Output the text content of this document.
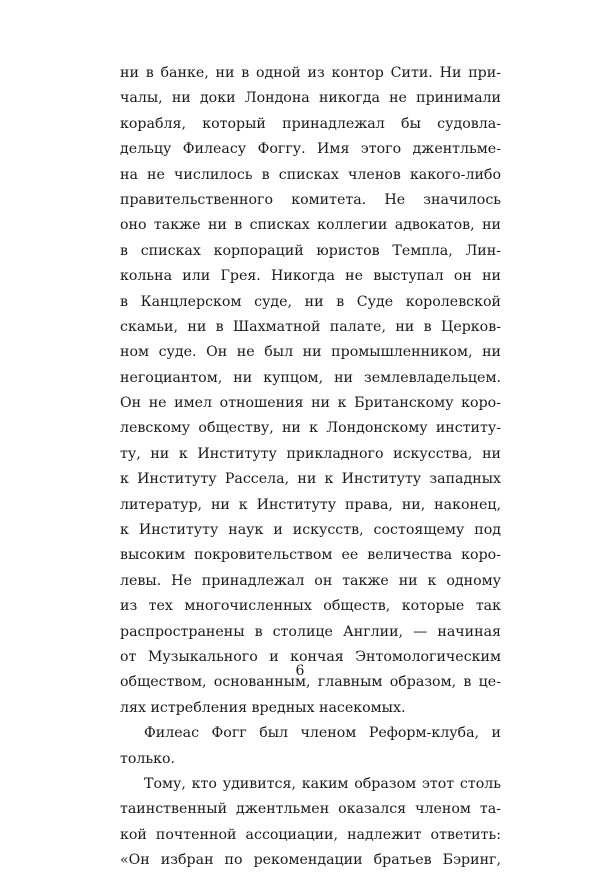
ни в банке, ни в одной из контор Сити. Ни при-
чалы, ни доки Лондона никогда не принимали
корабля, который принадлежал бы судовла-
дельцу Филеасу Фоггу. Имя этого джентльме-
на не числилось в списках членов какого-либо
правительственного комитета. Не значилось
оно также ни в списках коллегии адвокатов, ни
в списках корпораций юристов Темпла, Лин-
кольна или Грея. Никогда не выступал он ни
в Канцлерском суде, ни в Суде королевской
скамьи, ни в Шахматной палате, ни в Церков-
ном суде. Он не был ни промышленником, ни
негоциантом, ни купцом, ни землевладельцем.
Он не имел отношения ни к Британскому коро-
левскому обществу, ни к Лондонскому институ-
ту, ни к Институту прикладного искусства, ни
к Институту Рассела, ни к Институту западных
литератур, ни к Институту права, ни, наконец,
к Институту наук и искусств, состоящему под
высоким покровительством ее величества коро-
левы. Не принадлежал он также ни к одному
из тех многочисленных обществ, которые так
распространены в столице Англии, — начиная
от Музыкального и кончая Энтомологическим
обществом, основанным, главным образом, в це-
лях истребления вредных насекомых.
Филеас Фогг был членом Реформ-клуба, и
только.
Тому, кто удивится, каким образом этот столь
таинственный джентльмен оказался членом та-
кой почтенной ассоциации, надлежит ответить:
«Он избран по рекомендации братьев Бэринг,
6
